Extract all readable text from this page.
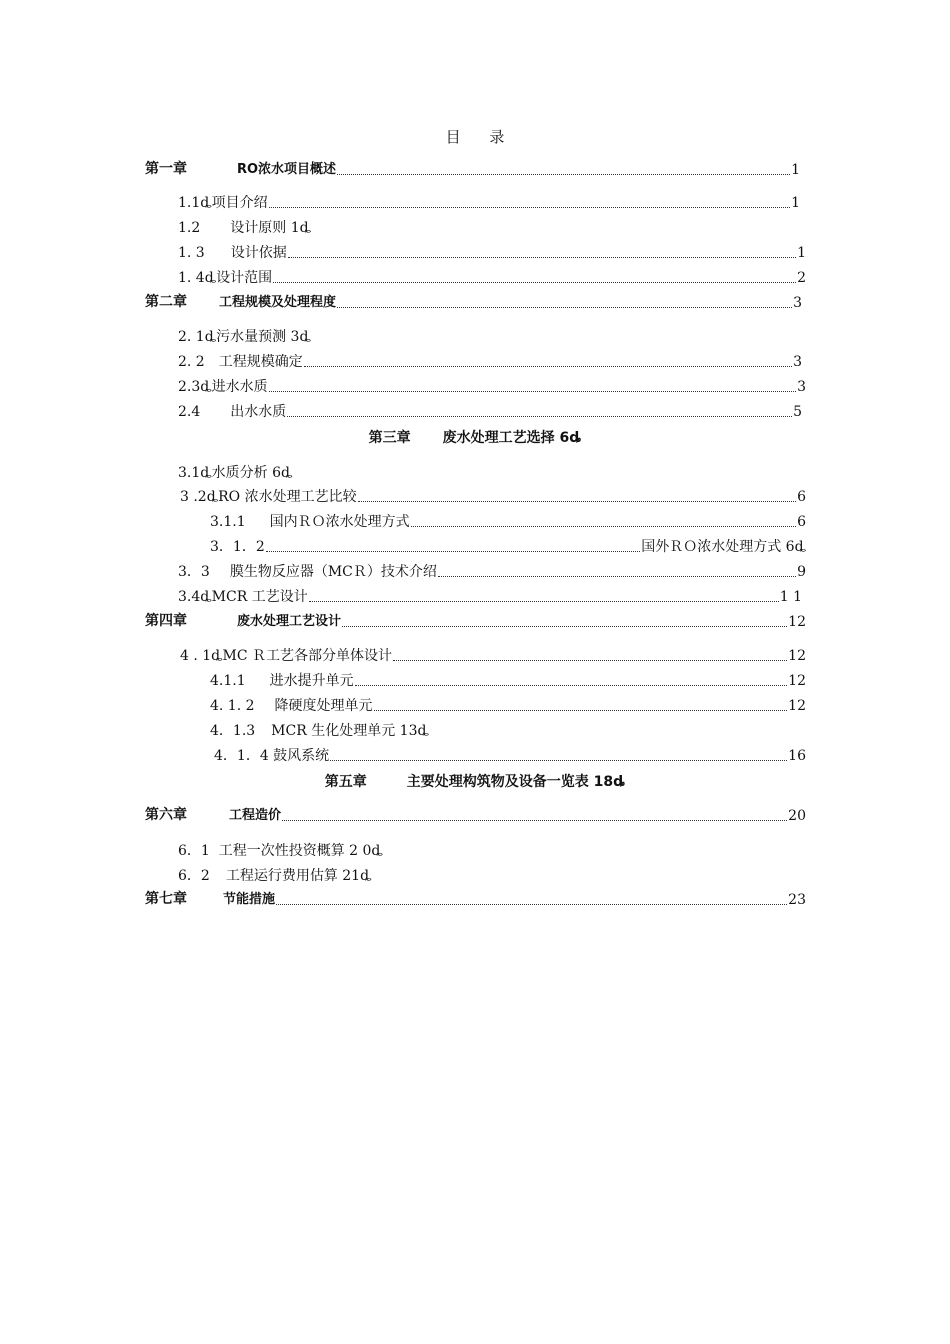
目 录
第一章	RO浓水项目概述	1
1.1ȡ项目介绍	1
1.2 设计原则 1ȡ
1. 3 设计依据	1
1. 4ȡ设计范围	2
第二章 工程规模及处理程度	3
2. 1ȡ污水量预测 3ȡ
2. 2 工程规模确定	3
2.3ȡ进水水质	3
2.4 出水水质	5
第三章 废水处理工艺选择 6ȡ
3.1ȡ水质分析 6ȡ
3 .2ȡRO 浓水处理工艺比较	6
3.1.1 国内ＲＯ浓水处理方式	6
3．1．2	国外ＲＯ浓水处理方式 6ȡ
3．3 膜生物反应器（MCＲ）技术介绍	9
3.4ȡMCR 工艺设计	1 1
第四章	废水处理工艺设计	12
4 . 1ȡMC Ｒ工艺各部分单体设计	12
4.1.1 进水提升单元	12
4. 1. 2 降硬度处理单元	12
4．1.3 MCR 生化处理单元 13ȡ
4．1．4 鼓风系统	16
第五章	主要处理构筑物及设备一览表 18ȡ
第六章	工程造价	20
6．1  工程一次性投资概算 2 0ȡ
6．2 工程运行费用估算 21ȡ
第七章	节能措施	23
